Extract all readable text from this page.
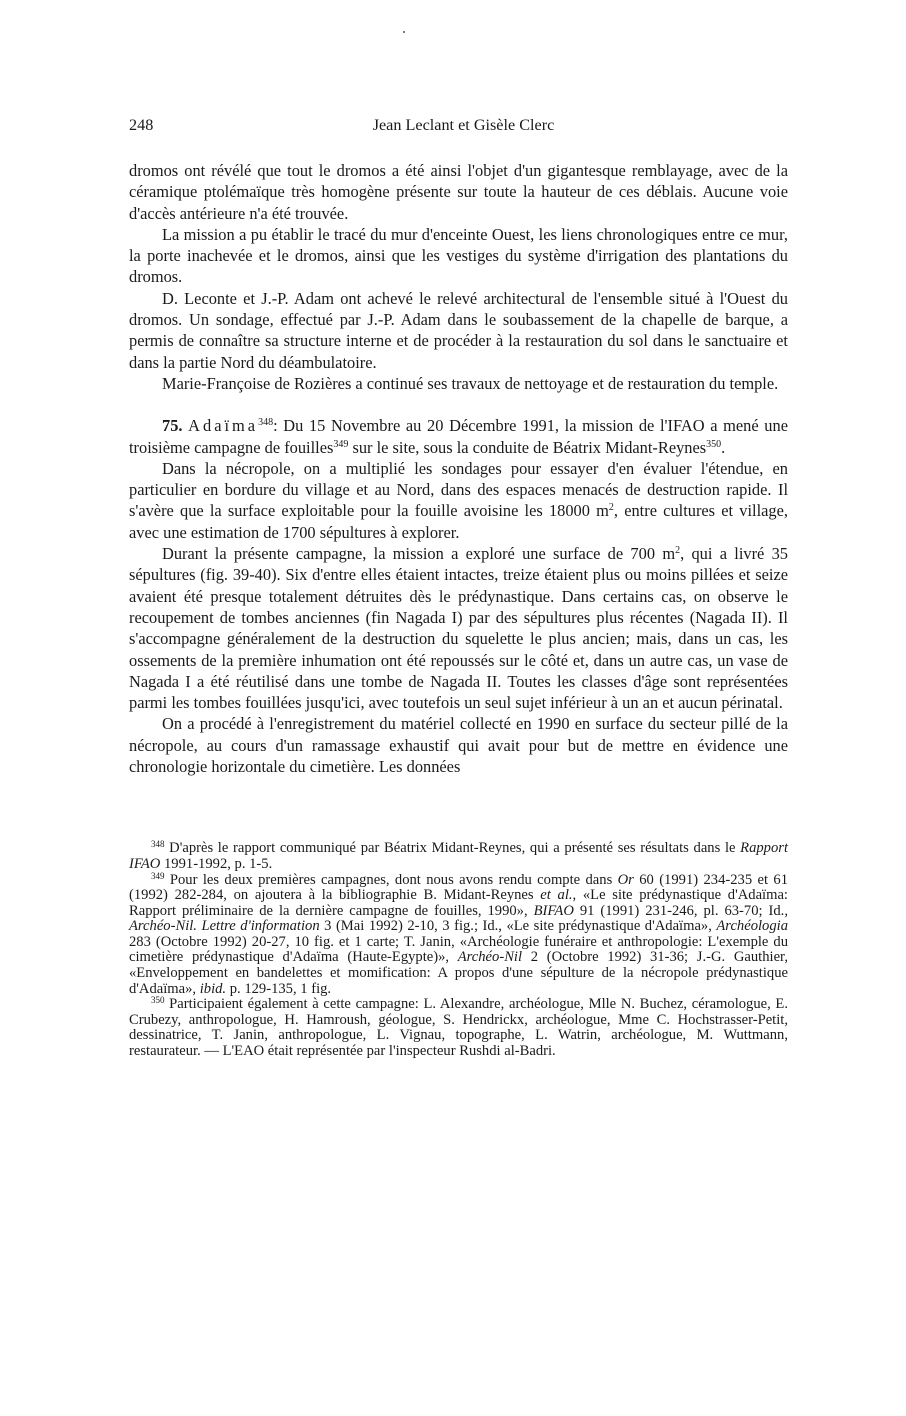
248	Jean Leclant et Gisèle Clerc

dromos ont révélé que tout le dromos a été ainsi l'objet d'un gigantesque remblayage, avec de la céramique ptolémaïque très homogène présente sur toute la hauteur de ces déblais. Aucune voie d'accès antérieure n'a été trouvée.

La mission a pu établir le tracé du mur d'enceinte Ouest, les liens chronologiques entre ce mur, la porte inachevée et le dromos, ainsi que les vestiges du système d'irrigation des plantations du dromos.

D. Leconte et J.-P. Adam ont achevé le relevé architectural de l'ensemble situé à l'Ouest du dromos. Un sondage, effectué par J.-P. Adam dans le soubassement de la chapelle de barque, a permis de connaître sa structure interne et de procéder à la restauration du sol dans le sanctuaire et dans la partie Nord du déambulatoire.

Marie-Françoise de Rozières a continué ses travaux de nettoyage et de restauration du temple.

75. Adaïma$^{348}$: Du 15 Novembre au 20 Décembre 1991, la mission de l'IFAO a mené une troisième campagne de fouilles$^{349}$ sur le site, sous la conduite de Béatrix Midant-Reynes$^{350}$.

Dans la nécropole, on a multiplié les sondages pour essayer d'en évaluer l'étendue, en particulier en bordure du village et au Nord, dans des espaces menacés de destruction rapide. Il s'avère que la surface exploitable pour la fouille avoisine les 18000 $m^2$, entre cultures et village, avec une estimation de 1700 sépultures à explorer.

Durant la présente campagne, la mission a exploré une surface de 700 $m^2$, qui a livré 35 sépultures (fig. 39-40). Six d'entre elles étaient intactes, treize étaient plus ou moins pillées et seize avaient été presque totalement détruites dès le prédynastique. Dans certains cas, on observe le recoupement de tombes anciennes (fin Nagada I) par des sépultures plus récentes (Nagada II). Il s'accompagne généralement de la destruction du squelette le plus ancien; mais, dans un cas, les ossements de la première inhumation ont été repoussés sur le côté et, dans un autre cas, un vase de Nagada I a été réutilisé dans une tombe de Nagada II. Toutes les classes d'âge sont représentées parmi les tombes fouillées jusqu'ici, avec toutefois un seul sujet inférieur à un an et aucun périnatal.

On a procédé à l'enregistrement du matériel collecté en 1990 en surface du secteur pillé de la nécropole, au cours d'un ramassage exhaustif qui avait pour but de mettre en évidence une chronologie horizontale du cimetière. Les données

$^{348}$ D'après le rapport communiqué par Béatrix Midant-Reynes, qui a présenté ses résultats dans le Rapport IFAO 1991-1992, p. 1-5.

$^{349}$ Pour les deux premières campagnes, dont nous avons rendu compte dans Or 60 (1991) 234-235 et 61 (1992) 282-284, on ajoutera à la bibliographie B. Midant-Reynes et al., «Le site prédynastique d'Adaïma: Rapport préliminaire de la dernière campagne de fouilles, 1990», BIFAO 91 (1991) 231-246, pl. 63-70; Id., Archéo-Nil. Lettre d'information 3 (Mai 1992) 2-10, 3 fig.; Id., «Le site prédynastique d'Adaïma», Archéologia 283 (Octobre 1992) 20-27, 10 fig. et 1 carte; T. Janin, «Archéologie funéraire et anthropologie: L'exemple du cimetière prédynastique d'Adaïma (Haute-Egypte)», Archéo-Nil 2 (Octobre 1992) 31-36; J.-G. Gauthier, «Enveloppement en bandelettes et momification: A propos d'une sépulture de la nécropole prédynastique d'Adaïma», ibid. p. 129-135, 1 fig.

$^{350}$ Participaient également à cette campagne: L. Alexandre, archéologue, Mlle N. Buchez, céramologue, E. Crubezy, anthropologue, H. Hamroush, géologue, S. Hendrickx, archéologue, Mme C. Hochstrasser-Petit, dessinatrice, T. Janin, anthropologue, L. Vignau, topographe, L. Watrin, archéologue, M. Wuttmann, restaurateur. — L'EAO était représentée par l'inspecteur Rushdi al-Badri.
